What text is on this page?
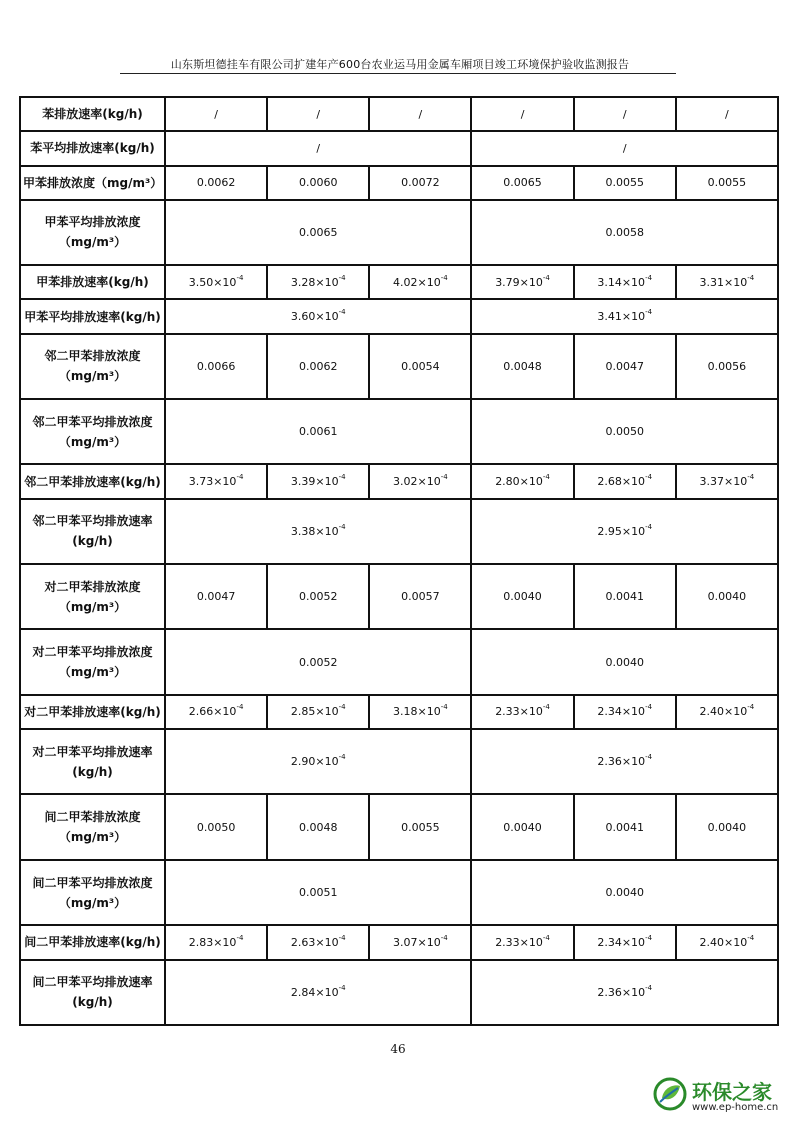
山东斯坦德挂车有限公司扩建年产600台农业运马用金属车厢项目竣工环境保护验收监测报告
苯排放速率(kg/h)	/	/	/	/	/	/
苯平均排放速率(kg/h)	/			/		
甲苯排放浓度（mg/m³）	0.0062	0.0060	0.0072	0.0065	0.0055	0.0055
甲苯平均排放浓度（mg/m³）	0.0065			0.0058		
甲苯排放速率(kg/h)	$3.50\times 10^{-4}$	$3.28\times 10^{-4}$	$4.02\times 10^{-4}$	$3.79\times 10^{-4}$	$3.14\times 10^{-4}$	$3.31\times 10^{-4}$
甲苯平均排放速率(kg/h)	$3.60\times 10^{-4}$			$3.41\times 10^{-4}$
邻二甲苯排放浓度（mg/m³）	0.0066	0.0062	0.0054	0.0048	0.0047	0.0056
邻二甲苯平均排放浓度（mg/m³）	0.0061			0.0050		
邻二甲苯排放速率(kg/h)	$3.73\times 10^{-4}$	$3.39\times 10^{-4}$	$3.02\times 10^{-4}$	$2.80\times 10^{-4}$	$2.68\times 10^{-4}$	$3.37\times 10^{-4}$
邻二甲苯平均排放速率(kg/h)	$3.38\times 10^{-4}$			$2.95\times 10^{-4}$
对二甲苯排放浓度（mg/m³）	0.0047	0.0052	0.0057	0.0040	0.0041	0.0040
对二甲苯平均排放浓度（mg/m³）	0.0052			0.0040		
对二甲苯排放速率(kg/h)	$2.66\times 10^{-4}$	$2.85\times 10^{-4}$	$3.18\times 10^{-4}$	$2.33\times 10^{-4}$	$2.34\times 10^{-4}$	$2.40\times 10^{-4}$
对二甲苯平均排放速率(kg/h)	$2.90\times 10^{-4}$			$2.36\times 10^{-4}$
间二甲苯排放浓度（mg/m³）	0.0050	0.0048	0.0055	0.0040	0.0041	0.0040
间二甲苯平均排放浓度（mg/m³）	0.0051			0.0040		
间二甲苯排放速率(kg/h)	$2.83\times 10^{-4}$	$2.63\times 10^{-4}$	$3.07\times 10^{-4}$	$2.33\times 10^{-4}$	$2.34\times 10^{-4}$	$2.40\times 10^{-4}$
间二甲苯平均排放速率(kg/h)	$2.84\times 10^{-4}$			$2.36\times 10^{-4}$
46
环保之家
www.ep-home.cn
